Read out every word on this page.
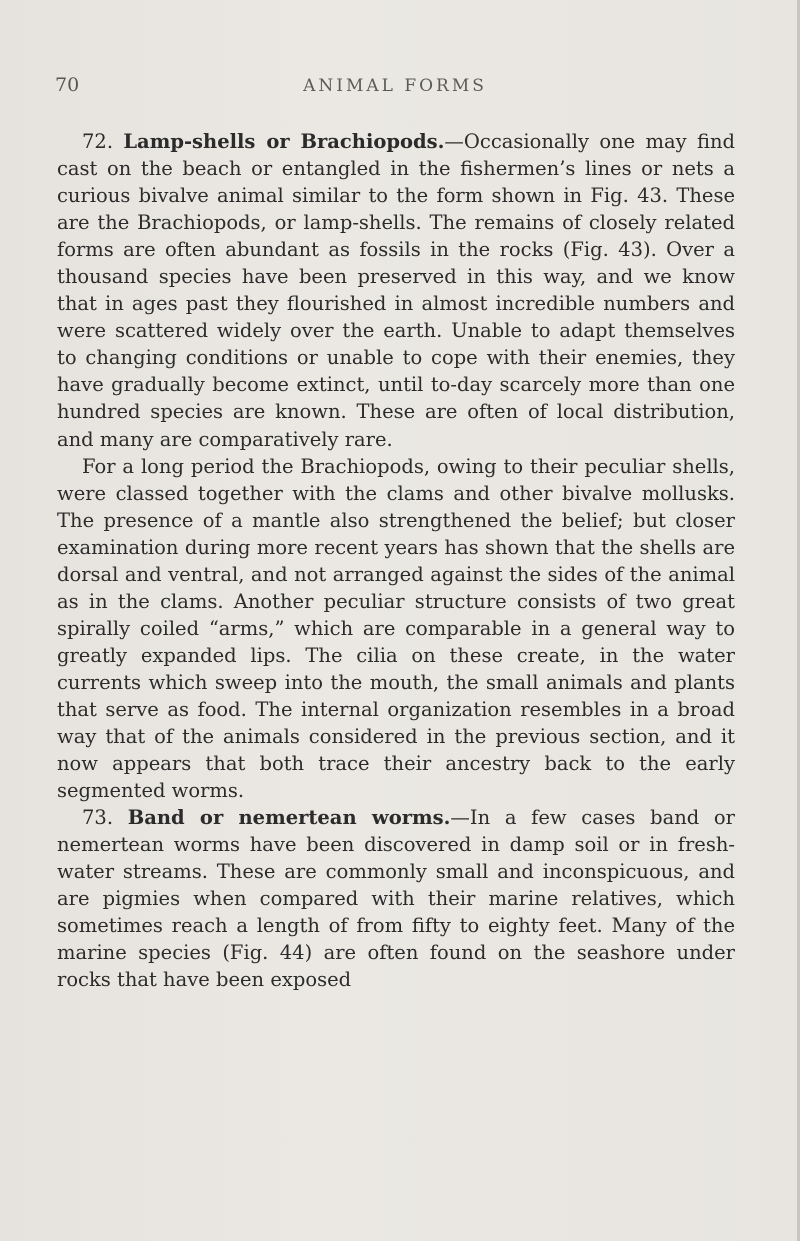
70	ANIMAL FORMS

72. Lamp-shells or Brachiopods.—Occasionally one may find cast on the beach or entangled in the fishermen’s lines or nets a curious bivalve animal similar to the form shown in Fig. 43. These are the Brachiopods, or lamp-shells. The remains of closely related forms are often abundant as fossils in the rocks (Fig. 43). Over a thousand species have been preserved in this way, and we know that in ages past they flourished in almost incredible numbers and were scattered widely over the earth. Unable to adapt themselves to changing conditions or unable to cope with their enemies, they have gradually become extinct, until to-day scarcely more than one hundred species are known. These are often of local distribution, and many are comparatively rare.

For a long period the Brachiopods, owing to their peculiar shells, were classed together with the clams and other bivalve mollusks. The presence of a mantle also strengthened the belief; but closer examination during more recent years has shown that the shells are dorsal and ventral, and not arranged against the sides of the animal as in the clams. Another peculiar structure consists of two great spirally coiled “arms,” which are comparable in a general way to greatly expanded lips. The cilia on these create, in the water currents which sweep into the mouth, the small animals and plants that serve as food. The internal organization resembles in a broad way that of the animals considered in the previous section, and it now appears that both trace their ancestry back to the early segmented worms.

73. Band or nemertean worms.—In a few cases band or nemertean worms have been discovered in damp soil or in fresh-water streams. These are commonly small and inconspicuous, and are pigmies when compared with their marine relatives, which sometimes reach a length of from fifty to eighty feet. Many of the marine species (Fig. 44) are often found on the seashore under rocks that have been exposed
